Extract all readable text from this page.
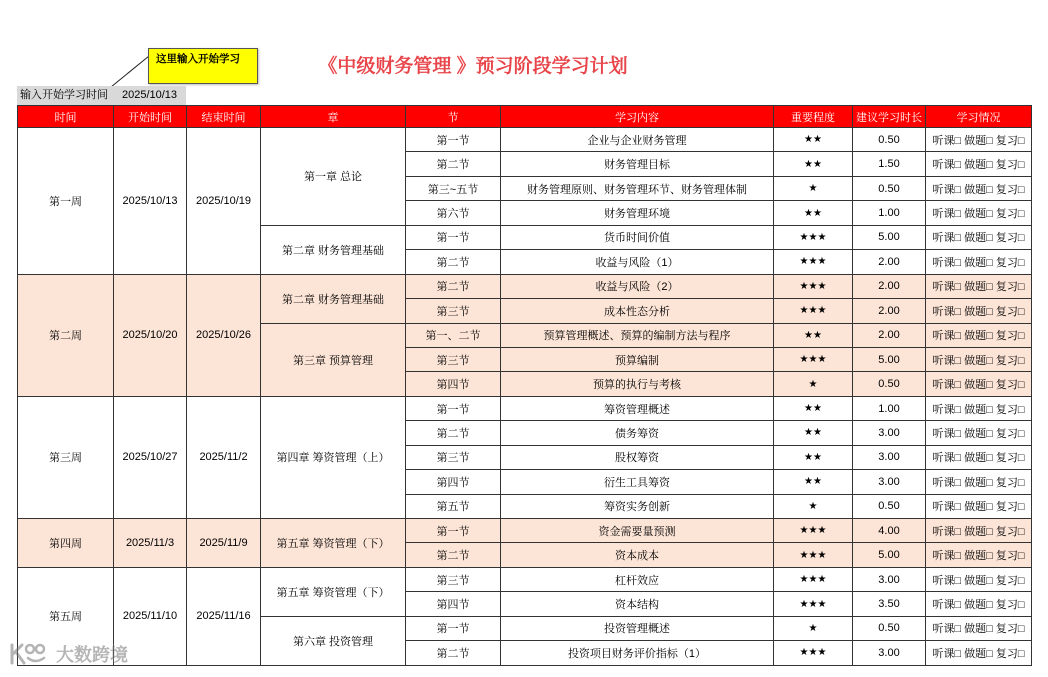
《中级财务管理 》预习阶段学习计划
这里输入开始学习
输入开始学习时间	2025/10/13
时间	开始时间	结束时间	章	节	学习内容	重要程度	建议学习时长	学习情况
第一周	2025/10/13	2025/10/19
第一章 总论
第一节	企业与企业财务管理	★★	0.50	听课□ 做题□ 复习□
第二节	财务管理目标	★★	1.50	听课□ 做题□ 复习□
第三~五节	财务管理原则、财务管理环节、财务管理体制	★	0.50	听课□ 做题□ 复习□
第六节	财务管理环境	★★	1.00	听课□ 做题□ 复习□
第二章 财务管理基础
第一节	货币时间价值	★★★	5.00	听课□ 做题□ 复习□
第二节	收益与风险（1）	★★★	2.00	听课□ 做题□ 复习□
第二周	2025/10/20	2025/10/26
第二章 财务管理基础
第二节	收益与风险（2）	★★★	2.00	听课□ 做题□ 复习□
第三节	成本性态分析	★★★	2.00	听课□ 做题□ 复习□
第三章 预算管理
第一、二节	预算管理概述、预算的编制方法与程序	★★	2.00	听课□ 做题□ 复习□
第三节	预算编制	★★★	5.00	听课□ 做题□ 复习□
第四节	预算的执行与考核	★	0.50	听课□ 做题□ 复习□
第三周	2025/10/27	2025/11/2	第四章 筹资管理（上）
第一节	筹资管理概述	★★	1.00	听课□ 做题□ 复习□
第二节	债务筹资	★★	3.00	听课□ 做题□ 复习□
第三节	股权筹资	★★	3.00	听课□ 做题□ 复习□
第四节	衍生工具筹资	★★	3.00	听课□ 做题□ 复习□
第五节	筹资实务创新	★	0.50	听课□ 做题□ 复习□
第四周	2025/11/3	2025/11/9	第五章 筹资管理（下）
第一节	资金需要量预测	★★★	4.00	听课□ 做题□ 复习□
第二节	资本成本	★★★	5.00	听课□ 做题□ 复习□
第五周	2025/11/10	2025/11/16
第五章 筹资管理（下）
第三节	杠杆效应	★★★	3.00	听课□ 做题□ 复习□
第四节	资本结构	★★★	3.50	听课□ 做题□ 复习□
第六章 投资管理
第一节	投资管理概述	★	0.50	听课□ 做题□ 复习□
第二节	投资项目财务评价指标（1）	★★★	3.00	听课□ 做题□ 复习□
大数跨境
